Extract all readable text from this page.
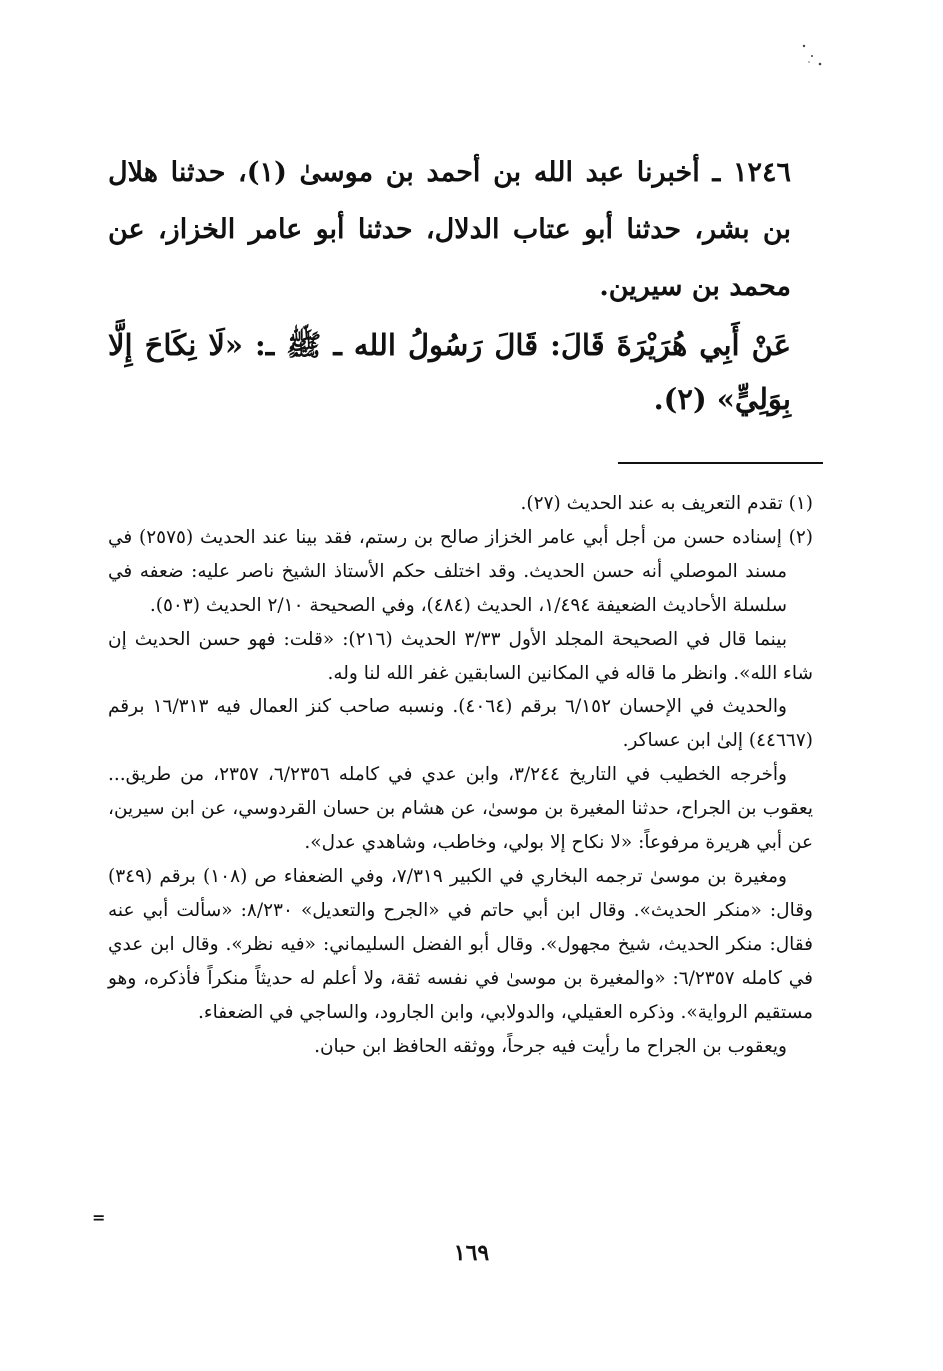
١٢٤٦ ـ أخبرنا عبد الله بن أحمد بن موسىٰ (١)، حدثنا هلال بن بشر، حدثنا أبو عتاب الدلال، حدثنا أبو عامر الخزاز، عن محمد بن سيرين.
عَنْ أَبِي هُرَيْرَةَ قَالَ: قَالَ رَسُولُ الله ـ ﷺ ـ: «لَا نِكَاحَ إِلَّا بِوَلِيٍّ» (٢).

(١) تقدم التعريف به عند الحديث (٢٧).

(٢) إسناده حسن من أجل أبي عامر الخزاز صالح بن رستم، فقد بينا عند الحديث (٢٥٧٥) في مسند الموصلي أنه حسن الحديث. وقد اختلف حكم الأستاذ الشيخ ناصر عليه: ضعفه في سلسلة الأحاديث الضعيفة ١/٤٩٤، الحديث (٤٨٤)، وفي الصحيحة ٢/١٠ الحديث (٥٠٣).

بينما قال في الصحيحة المجلد الأول ٣/٣٣ الحديث (٢١٦): «قلت: فهو حسن الحديث إن شاء الله». وانظر ما قاله في المكانين السابقين غفر الله لنا وله.

والحديث في الإحسان ٦/١٥٢ برقم (٤٠٦٤). ونسبه صاحب كنز العمال فيه ١٦/٣١٣ برقم (٤٤٦٦٧) إلىٰ ابن عساكر.

وأخرجه الخطيب في التاريخ ٣/٢٤٤، وابن عدي في كامله ٦/٢٣٥٦، ٢٣٥٧، من طريق... يعقوب بن الجراح، حدثنا المغيرة بن موسىٰ، عن هشام بن حسان القردوسي، عن ابن سيرين، عن أبي هريرة مرفوعاً: «لا نكاح إلا بولي، وخاطب، وشاهدي عدل».

ومغيرة بن موسىٰ ترجمه البخاري في الكبير ٧/٣١٩، وفي الضعفاء ص (١٠٨) برقم (٣٤٩) وقال: «منكر الحديث». وقال ابن أبي حاتم في «الجرح والتعديل» ٨/٢٣٠: «سألت أبي عنه فقال: منكر الحديث، شيخ مجهول». وقال أبو الفضل السليماني: «فيه نظر». وقال ابن عدي في كامله ٦/٢٣٥٧: «والمغيرة بن موسىٰ في نفسه ثقة، ولا أعلم له حديثاً منكراً فأذكره، وهو مستقيم الرواية». وذكره العقيلي، والدولابي، وابن الجارود، والساجي في الضعفاء.

ويعقوب بن الجراح ما رأيت فيه جرحاً، ووثقه الحافظ ابن حبان.

=
١٦٩
